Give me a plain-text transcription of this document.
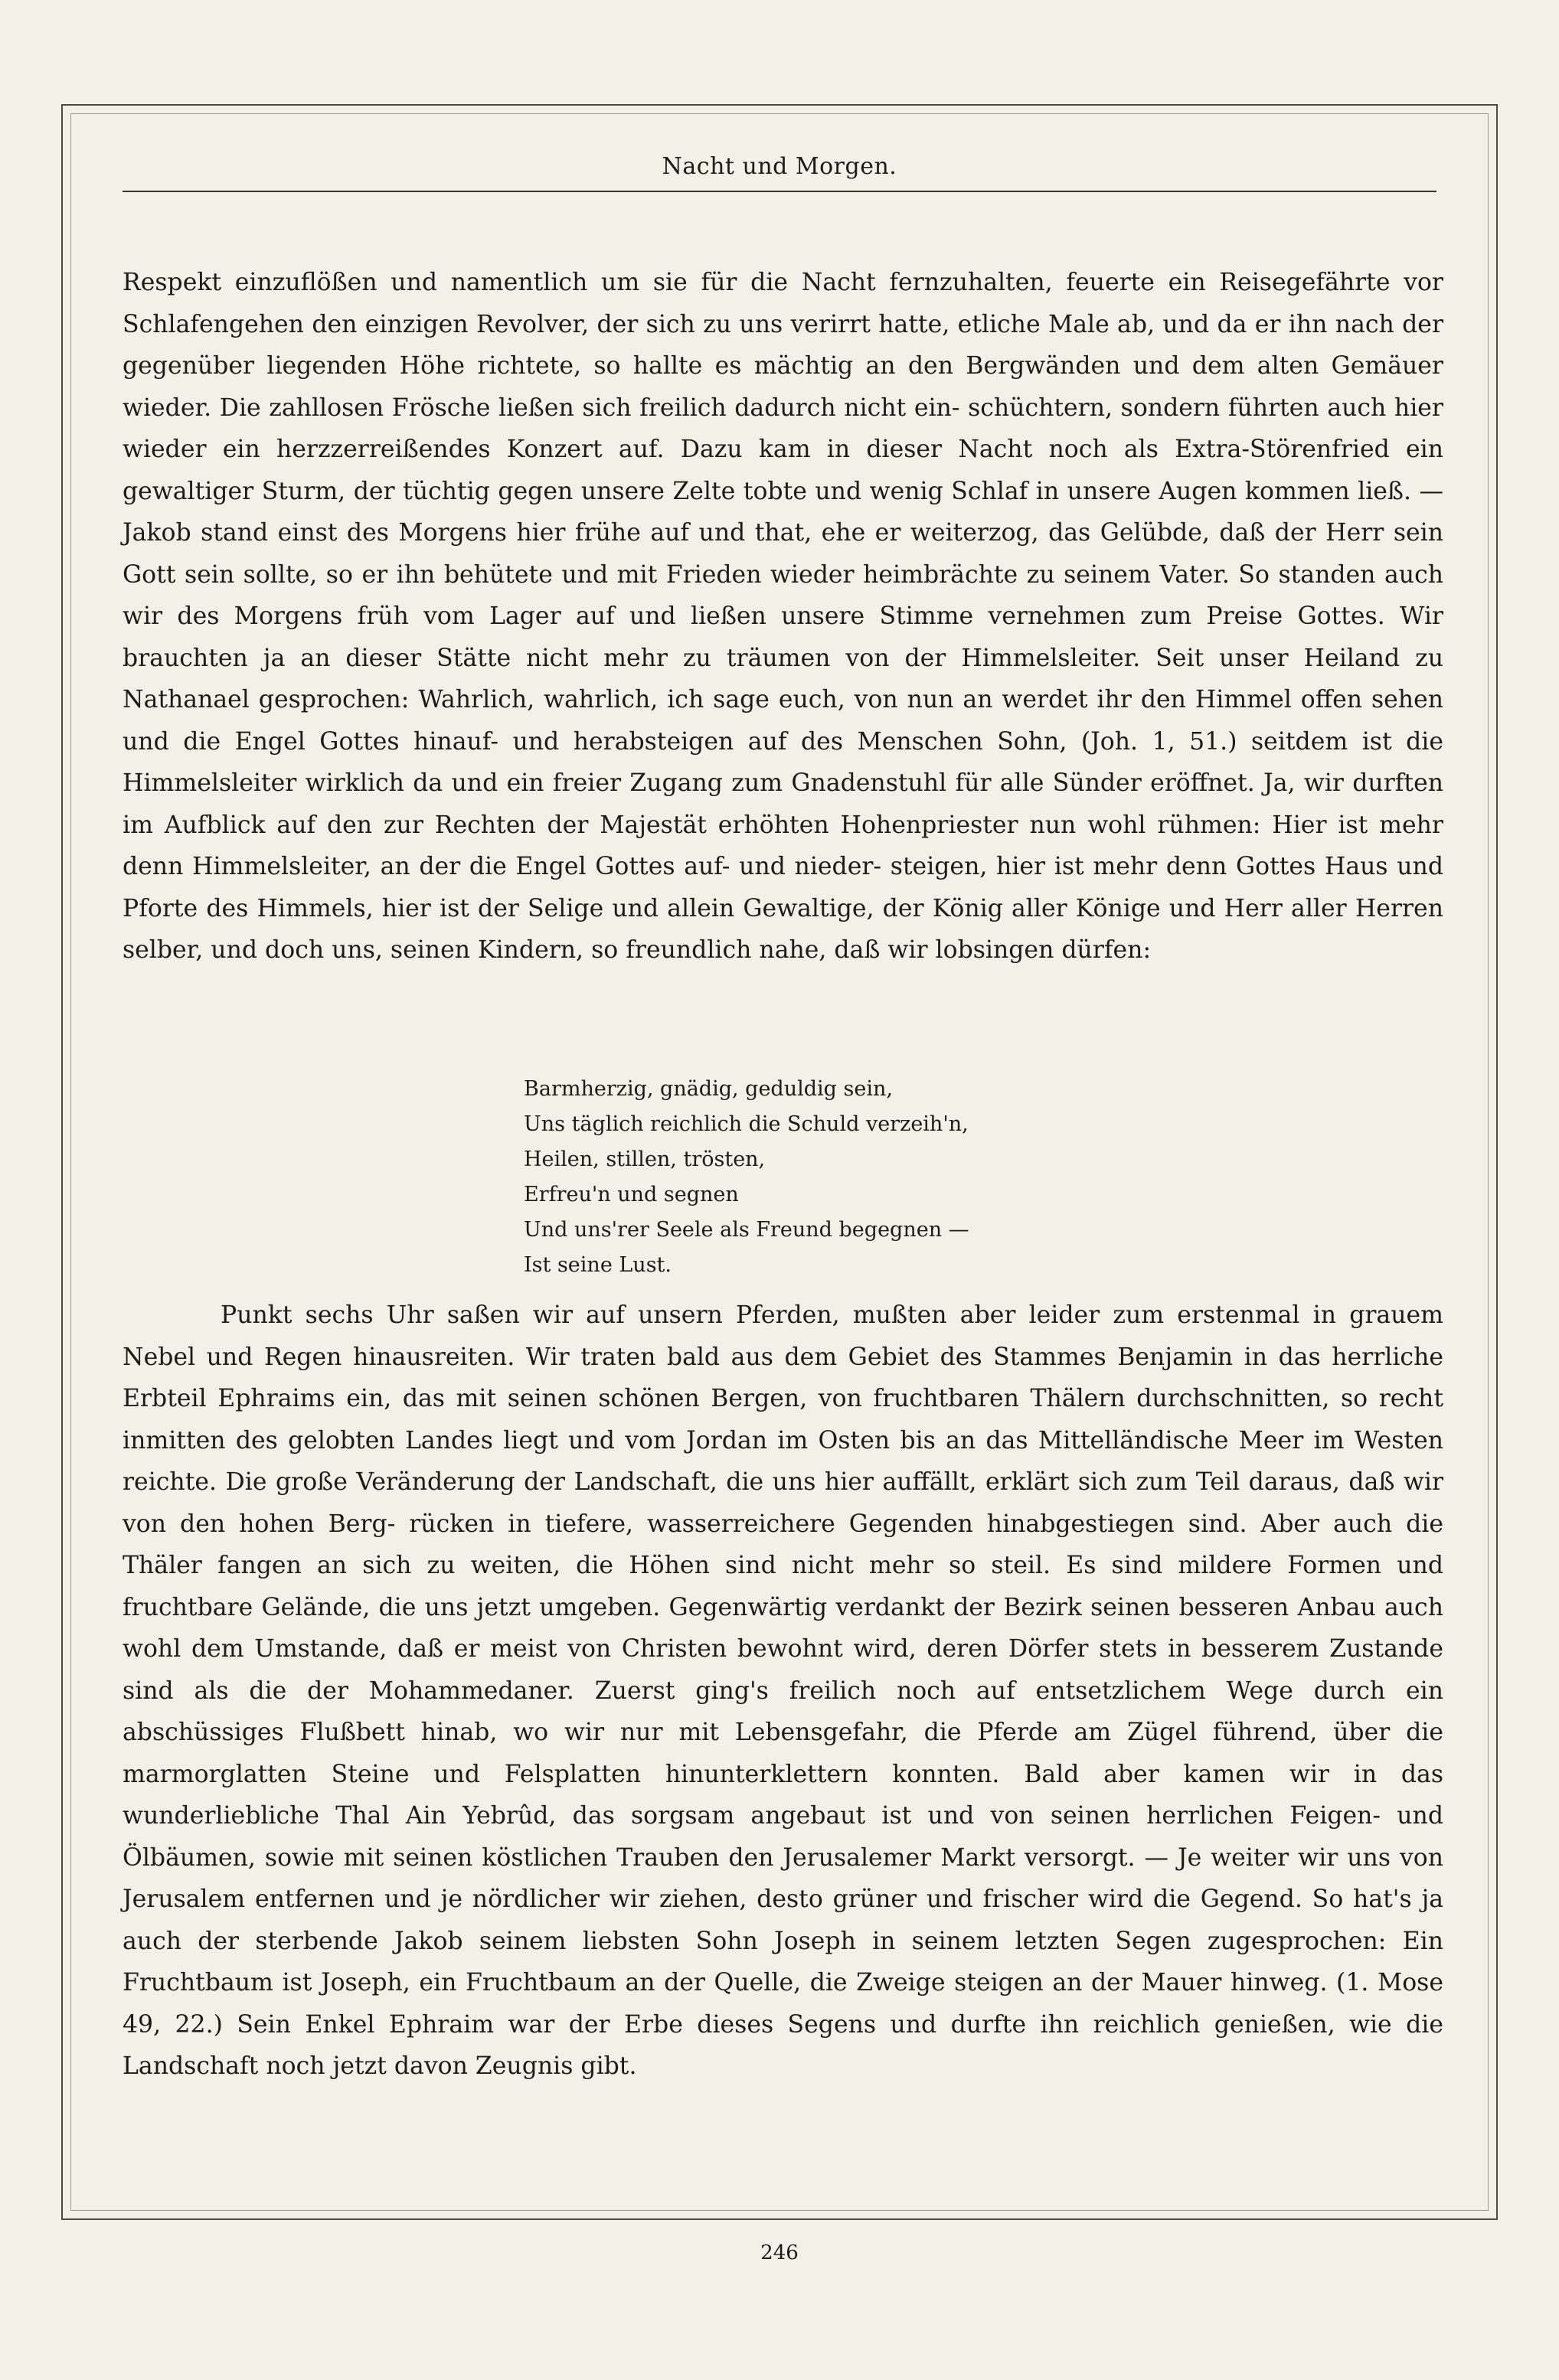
Nacht und Morgen.
Respekt einzuflößen und namentlich um sie für die Nacht fernzuhalten, feuerte ein Reisegefährte vor Schlafengehen den einzigen Revolver, der sich zu uns verirrt hatte, etliche Male ab, und da er ihn nach der gegenüber liegenden Höhe richtete, so hallte es mächtig an den Bergwänden und dem alten Gemäuer wieder. Die zahllosen Frösche ließen sich freilich dadurch nicht ein- schüchtern, sondern führten auch hier wieder ein herzzerreißendes Konzert auf. Dazu kam in dieser Nacht noch als Extra-Störenfried ein gewaltiger Sturm, der tüchtig gegen unsere Zelte tobte und wenig Schlaf in unsere Augen kommen ließ. — Jakob stand einst des Morgens hier frühe auf und that, ehe er weiterzog, das Gelübde, daß der Herr sein Gott sein sollte, so er ihn behütete und mit Frieden wieder heimbrächte zu seinem Vater. So standen auch wir des Morgens früh vom Lager auf und ließen unsere Stimme vernehmen zum Preise Gottes. Wir brauchten ja an dieser Stätte nicht mehr zu träumen von der Himmelsleiter. Seit unser Heiland zu Nathanael gesprochen: Wahrlich, wahrlich, ich sage euch, von nun an werdet ihr den Himmel offen sehen und die Engel Gottes hinauf- und herabsteigen auf des Menschen Sohn, (Joh. 1, 51.) seitdem ist die Himmelsleiter wirklich da und ein freier Zugang zum Gnadenstuhl für alle Sünder eröffnet. Ja, wir durften im Aufblick auf den zur Rechten der Majestät erhöhten Hohenpriester nun wohl rühmen: Hier ist mehr denn Himmelsleiter, an der die Engel Gottes auf- und nieder- steigen, hier ist mehr denn Gottes Haus und Pforte des Himmels, hier ist der Selige und allein Gewaltige, der König aller Könige und Herr aller Herren selber, und doch uns, seinen Kindern, so freundlich nahe, daß wir lobsingen dürfen:
Barmherzig, gnädig, geduldig sein,
Uns täglich reichlich die Schuld verzeih'n,
Heilen, stillen, trösten,
Erfreu'n und segnen
Und uns'rer Seele als Freund begegnen —
Ist seine Lust.
Punkt sechs Uhr saßen wir auf unsern Pferden, mußten aber leider zum erstenmal in grauem Nebel und Regen hinausreiten. Wir traten bald aus dem Gebiet des Stammes Benjamin in das herrliche Erbteil Ephraims ein, das mit seinen schönen Bergen, von fruchtbaren Thälern durchschnitten, so recht inmitten des gelobten Landes liegt und vom Jordan im Osten bis an das Mittelländische Meer im Westen reichte. Die große Veränderung der Landschaft, die uns hier auffällt, erklärt sich zum Teil daraus, daß wir von den hohen Berg- rücken in tiefere, wasserreichere Gegenden hinabgestiegen sind. Aber auch die Thäler fangen an sich zu weiten, die Höhen sind nicht mehr so steil. Es sind mildere Formen und fruchtbare Gelände, die uns jetzt umgeben. Gegenwärtig verdankt der Bezirk seinen besseren Anbau auch wohl dem Umstande, daß er meist von Christen bewohnt wird, deren Dörfer stets in besserem Zustande sind als die der Mohammedaner. Zuerst ging's freilich noch auf entsetzlichem Wege durch ein abschüssiges Flußbett hinab, wo wir nur mit Lebensgefahr, die Pferde am Zügel führend, über die marmorglatten Steine und Felsplatten hinunterklettern konnten. Bald aber kamen wir in das wunderliebliche Thal Ain Yebrûd, das sorgsam angebaut ist und von seinen herrlichen Feigen- und Ölbäumen, sowie mit seinen köstlichen Trauben den Jerusalemer Markt versorgt. — Je weiter wir uns von Jerusalem entfernen und je nördlicher wir ziehen, desto grüner und frischer wird die Gegend. So hat's ja auch der sterbende Jakob seinem liebsten Sohn Joseph in seinem letzten Segen zugesprochen: Ein Fruchtbaum ist Joseph, ein Fruchtbaum an der Quelle, die Zweige steigen an der Mauer hinweg. (1. Mose 49, 22.) Sein Enkel Ephraim war der Erbe dieses Segens und durfte ihn reichlich genießen, wie die Landschaft noch jetzt davon Zeugnis gibt.
246
